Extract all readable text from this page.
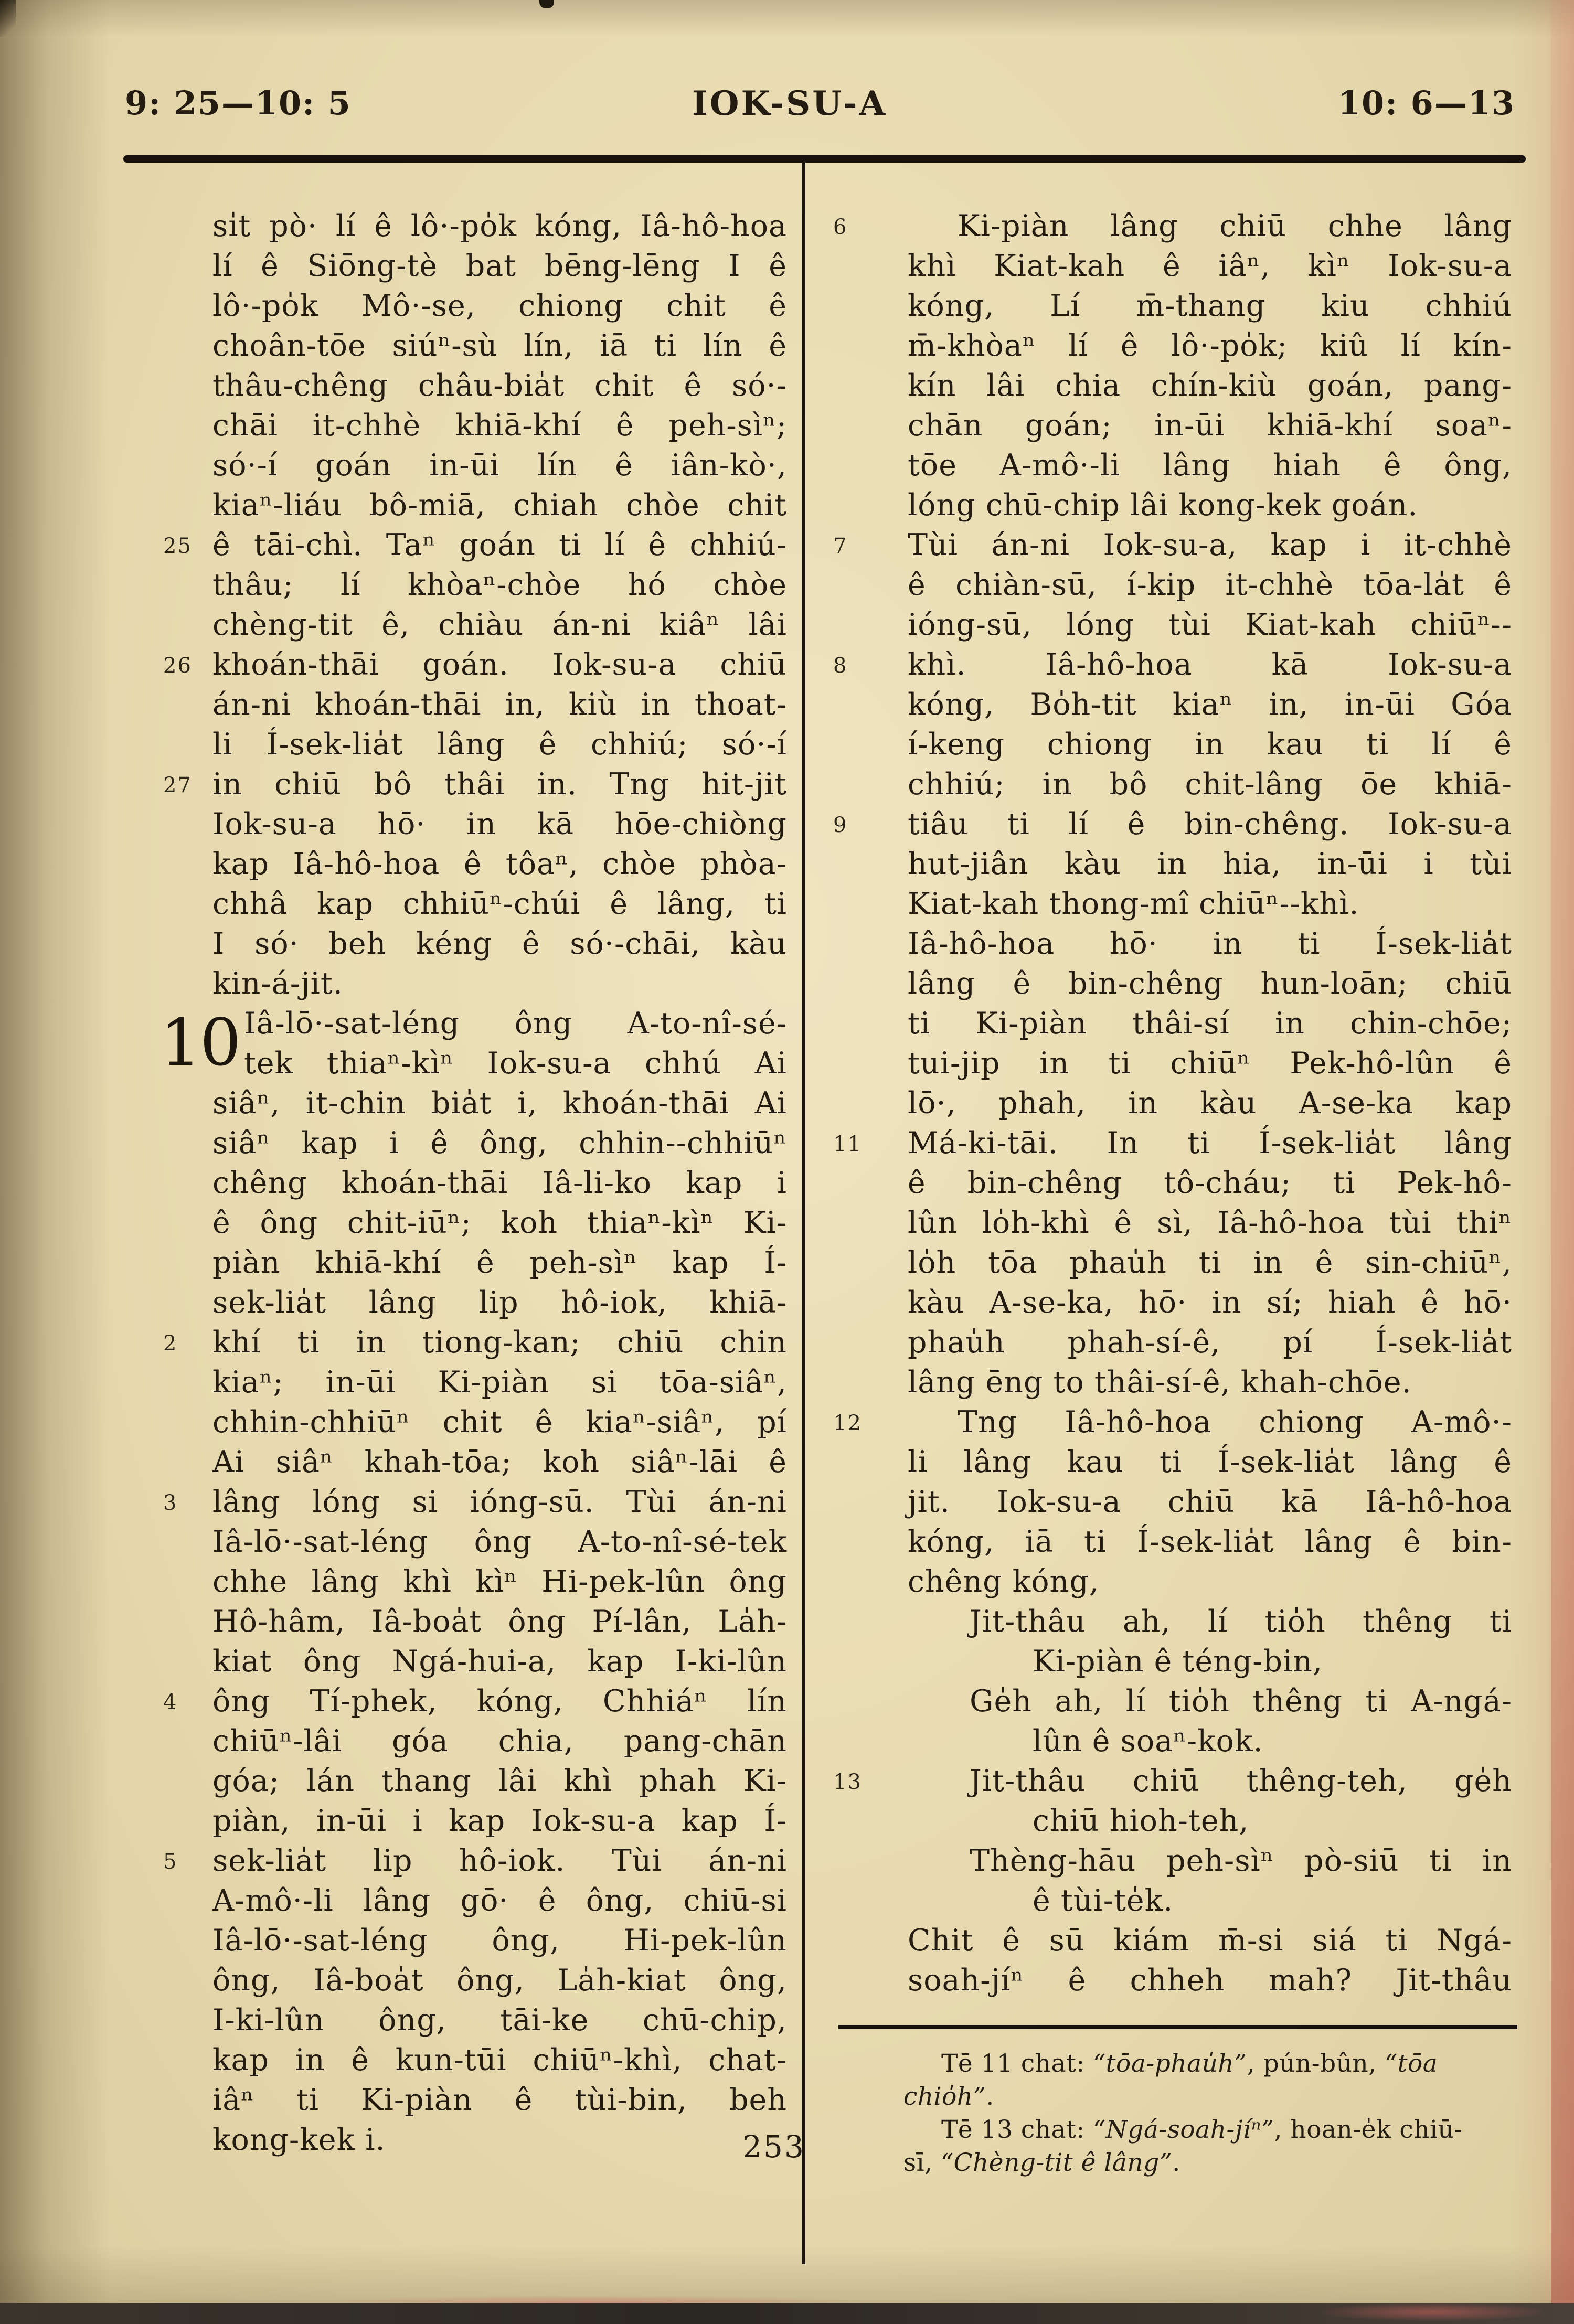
9: 25—10: 5	IOK-SU-A	10: 6—13
si̍t pò· lí ê lô·-po̍k kóng, Iâ-hô-hoa
lí ê Siōng-tè bat bēng-lēng I ê
lô·-po̍k Mô·-se, chiong chit ê
choân-tōe siúⁿ-sù lín, iā ti lín ê
thâu-chêng châu-bia̍t chit ê só·-
chāi it-chhè khiā-khí ê peh-sìⁿ;
só·-í goán in-ūi lín ê iân-kò·,
kiaⁿ-liáu bô-miā, chiah chòe chit
25 ê tāi-chì. Taⁿ goán ti lí ê chhiú-
thâu; lí khòaⁿ-chòe hó chòe
chèng-tit ê, chiàu án-ni kiâⁿ lâi
26 khoán-thāi goán. Iok-su-a chiū
án-ni khoán-thāi in, kiù in thoat-
li Í-sek-lia̍t lâng ê chhiú; só·-í
27 in chiū bô thâi in. Tng hit-jit
Iok-su-a hō· in kā hōe-chiòng
kap Iâ-hô-hoa ê tôaⁿ, chòe phòa-
chhâ kap chhiūⁿ-chúi ê lâng, ti
I só· beh kéng ê só·-chāi, kàu
kin-á-jit.
10 Iâ-lō·-sat-léng ông A-to-nî-sé-
tek thiaⁿ-kìⁿ Iok-su-a chhú Ai
siâⁿ, it-chin bia̍t i, khoán-thāi Ai
siâⁿ kap i ê ông, chhin--chhiūⁿ
chêng khoán-thāi Iâ-li-ko kap i
ê ông chit-iūⁿ; koh thiaⁿ-kìⁿ Ki-
piàn khiā-khí ê peh-sìⁿ kap Í-
sek-lia̍t lâng lip hô-iok, khiā-
2	khí ti in tiong-kan; chiū chin
kiaⁿ; in-ūi Ki-piàn si tōa-siâⁿ,
chhin-chhiūⁿ chit ê kiaⁿ-siâⁿ, pí
Ai siâⁿ khah-tōa; koh siâⁿ-lāi ê
3	lâng lóng si ióng-sū. Tùi án-ni
Iâ-lō·-sat-léng ông A-to-nî-sé-tek
chhe lâng khì kìⁿ Hi-pek-lûn ông
Hô-hâm, Iâ-boa̍t ông Pí-lân, La̍h-
kiat ông Ngá-hui-a, kap I-ki-lûn
4	ông Tí-phek, kóng, Chhiáⁿ lín
chiūⁿ-lâi góa chia, pang-chān
góa; lán thang lâi khì phah Ki-
piàn, in-ūi i kap Iok-su-a kap Í-
5	sek-lia̍t lip hô-iok. Tùi án-ni
A-mô·-li lâng gō· ê ông, chiū-si
Iâ-lō·-sat-léng ông, Hi-pek-lûn
ông, Iâ-boa̍t ông, La̍h-kiat ông,
I-ki-lûn ông, tāi-ke chū-chip,
kap in ê kun-tūi chiūⁿ-khì, chat-
iâⁿ ti Ki-piàn ê tùi-bin, beh
kong-kek i.
6	Ki-piàn lâng chiū chhe lâng
khì Kiat-kah ê iâⁿ, kìⁿ Iok-su-a
kóng, Lí m̄-thang kiu chhiú
m̄-khòaⁿ lí ê lô·-po̍k; kiû lí kín-
kín lâi chia chín-kiù goán, pang-
chān goán; in-ūi khiā-khí soaⁿ-
tōe A-mô·-li lâng hiah ê ông,
lóng chū-chip lâi kong-kek goán.
7	Tùi án-ni Iok-su-a, kap i it-chhè
ê chiàn-sū, í-kip it-chhè tōa-la̍t ê
ióng-sū, lóng tùi Kiat-kah chiūⁿ--
8	khì. Iâ-hô-hoa kā Iok-su-a
kóng, Bo̍h-tit kiaⁿ in, in-ūi Góa
í-keng chiong in kau ti lí ê
chhiú; in bô chit-lâng ōe khiā-
9	tiâu ti lí ê bin-chêng. Iok-su-a
hut-jiân kàu in hia, in-ūi i tùi
Kiat-kah thong-mî chiūⁿ--khì.
Iâ-hô-hoa hō· in ti Í-sek-lia̍t
lâng ê bin-chêng hun-loān; chiū
ti Ki-piàn thâi-sí in chin-chōe;
tui-jip in ti chiūⁿ Pek-hô-lûn ê
lō·, phah, in kàu A-se-ka kap
11	Má-ki-tāi. In ti Í-sek-lia̍t lâng
ê bin-chêng tô-cháu; ti Pek-hô-
lûn lo̍h-khì ê sì, Iâ-hô-hoa tùi thiⁿ
lo̍h tōa phau̍h ti in ê sin-chiūⁿ,
kàu A-se-ka, hō· in sí; hiah ê hō·
phau̍h phah-sí-ê, pí Í-sek-lia̍t
lâng ēng to thâi-sí-ê, khah-chōe.
12	Tng Iâ-hô-hoa chiong A-mô·-
li lâng kau ti Í-sek-lia̍t lâng ê
jit. Iok-su-a chiū kā Iâ-hô-hoa
kóng, iā ti Í-sek-lia̍t lâng ê bin-
chêng kóng,
Jit-thâu ah, lí tio̍h thêng ti
Ki-piàn ê téng-bin,
Ge̍h ah, lí tio̍h thêng ti A-ngá-
lûn ê soaⁿ-kok.
13	Jit-thâu chiū thêng-teh, ge̍h
chiū hioh-teh,
Thèng-hāu peh-sìⁿ pò-siū ti in
ê tùi-te̍k.
Chit ê sū kiám m̄-si siá ti Ngá-
soah-jíⁿ ê chheh mah? Jit-thâu
Tē 11 chat: “tōa-phau̍h”, pún-bûn, “tōa
chio̍h”.
Tē 13 chat: “Ngá-soah-jíⁿ”, hoan-e̍k chiū-
sī, “Chèng-tit ê lâng”.
253
